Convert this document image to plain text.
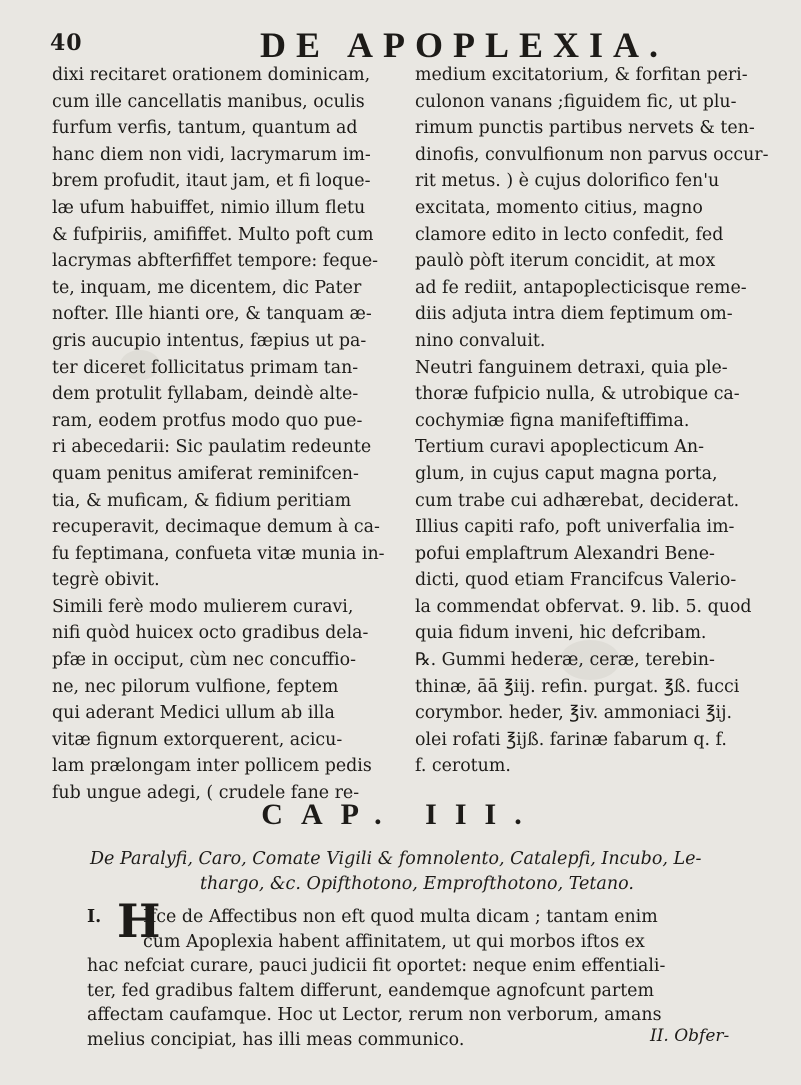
40	DE APOPLEXIA.
dixi recitaret orationem dominicam,
cum ille cancellatis manibus, oculis
furfum verfis, tantum, quantum ad
hanc diem non vidi, lacrymarum im-
brem profudit, itaut jam, et fi loque-
læ ufum habuiffet, nimio illum fletu
& fufpiriis, amififfet. Multo poft cum
lacrymas abfterfiffet tempore: feque-
te, inquam, me dicentem, dic Pater
nofter. Ille hianti ore, & tanquam æ-
gris aucupio intentus, fæpius ut pa-
ter diceret follicitatus primam tan-
dem protulit fyllabam, deindè alte-
ram, eodem protfus modo quo pue-
ri abecedarii: Sic paulatim redeunte
quam penitus amiferat reminifcen-
tia, & muficam, & fidium peritiam
recuperavit, decimaque demum à ca-
fu feptimana, confueta vitæ munia in-
tegrè obivit.
Simili ferè modo mulierem curavi,
nifi quòd huicex octo gradibus dela-
pfæ in occiput, cùm nec concuffio-
ne, nec pilorum vulfione, feptem
qui aderant Medici ullum ab illa
vitæ fignum extorquerent, acicu-
lam prælongam inter pollicem pedis
fub ungue adegi, ( crudele fane re-
medium excitatorium, & forfitan peri-
culonon vanans ;figuidem fic, ut plu-
rimum punctis partibus nervets & ten-
dinofis, convulfionum non parvus occur-
rit metus. ) è cujus dolorifico fen'u
excitata, momento citius, magno
clamore edito in lecto confedit, fed
paulò pòft iterum concidit, at mox
ad fe rediit, antapoplecticisque reme-
diis adjuta intra diem feptimum om-
nino convaluit.
Neutri fanguinem detraxi, quia ple-
thoræ fufpicio nulla, & utrobique ca-
cochymiæ figna manifeftiffima.
Tertium curavi apoplecticum An-
glum, in cujus caput magna porta,
cum trabe cui adhærebat, deciderat.
Illius capiti rafo, poft univerfalia im-
pofui emplaftrum Alexandri Bene-
dicti, quod etiam Francifcus Valerio-
la commendat obfervat. 9. lib. 5. quod
quia fidum inveni, hic defcribam.
℞. Gummi hederæ, ceræ, terebin-
thinæ, āā ℥iij. refin. purgat. ℥ß. fucci
corymbor. heder, ℥iv. ammoniaci ℥ij.
olei rofati ℥ijß. farinæ fabarum q. f.
f. cerotum.
CAP. III.
De Paralyfi, Caro, Comate Vigili & fomnolento, Catalepfi, Incubo, Le-
thargo, &c. Opifthotono, Emprofthotono, Tetano.
I. HIfce de Affectibus non eft quod multa dicam ; tantam enim
cum Apoplexia habent affinitatem, ut qui morbos iftos ex
hac nefciat curare, pauci judicii fit oportet: neque enim effentiali-
ter, fed gradibus faltem differunt, eandemque agnofcunt partem
affectam caufamque. Hoc ut Lector, rerum non verborum, amans
melius concipiat, has illi meas communico.	II. Obfer-
